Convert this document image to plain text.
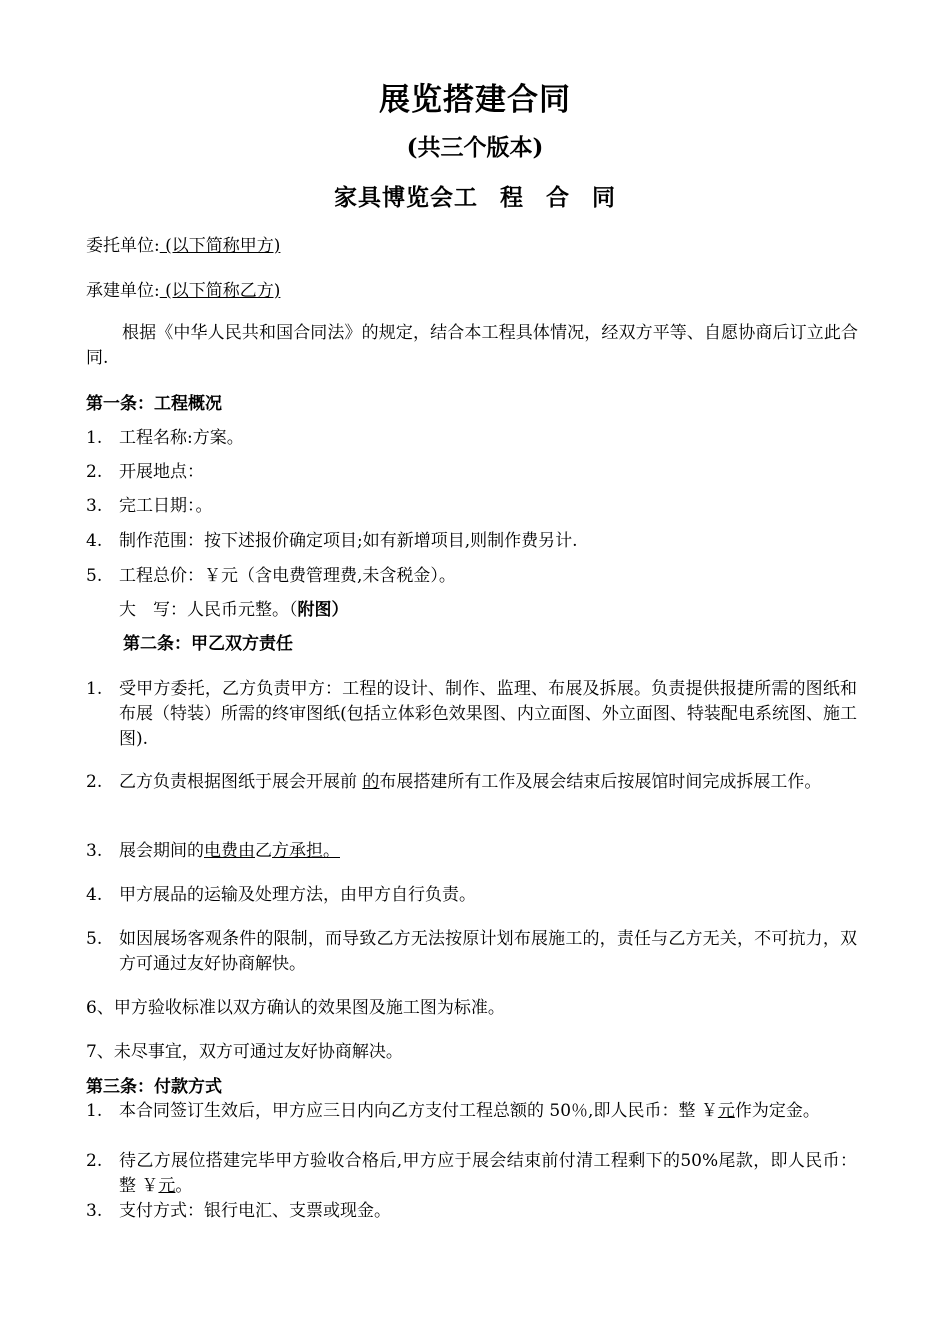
展览搭建合同
(共三个版本)
家具博览会工 程 合 同
委托单位: (以下简称甲方)
承建单位: (以下简称乙方)
根据《中华人民共和国合同法》的规定，结合本工程具体情况，经双方平等、自愿协商后订立此合同.
第一条：工程概况
1. 工程名称:方案。
2. 开展地点：
3. 完工日期：。
4. 制作范围：按下述报价确定项目;如有新增项目,则制作费另计.
5. 工程总价：￥元（含电费管理费,未含税金）。
大　写：人民币元整。（附图）
第二条：甲乙双方责任
1. 受甲方委托，乙方负责甲方：工程的设计、制作、监理、布展及拆展。负责提供报捷所需的图纸和布展（特装）所需的终审图纸(包括立体彩色效果图、内立面图、外立面图、特装配电系统图、施工图).
2. 乙方负责根据图纸于展会开展前 的布展搭建所有工作及展会结束后按展馆时间完成拆展工作。
3. 展会期间的电费由乙方承担。
4. 甲方展品的运输及处理方法，由甲方自行负责。
5. 如因展场客观条件的限制，而导致乙方无法按原计划布展施工的，责任与乙方无关，不可抗力，双方可通过友好协商解快。
6、甲方验收标准以双方确认的效果图及施工图为标准。
7、未尽事宜，双方可通过友好协商解决。
第三条：付款方式
1. 本合同签订生效后，甲方应三日内向乙方支付工程总额的 50％,即人民币：整 ￥元作为定金。
2. 待乙方展位搭建完毕甲方验收合格后,甲方应于展会结束前付清工程剩下的50%尾款，即人民币：整 ￥元。
3. 支付方式：银行电汇、支票或现金。
